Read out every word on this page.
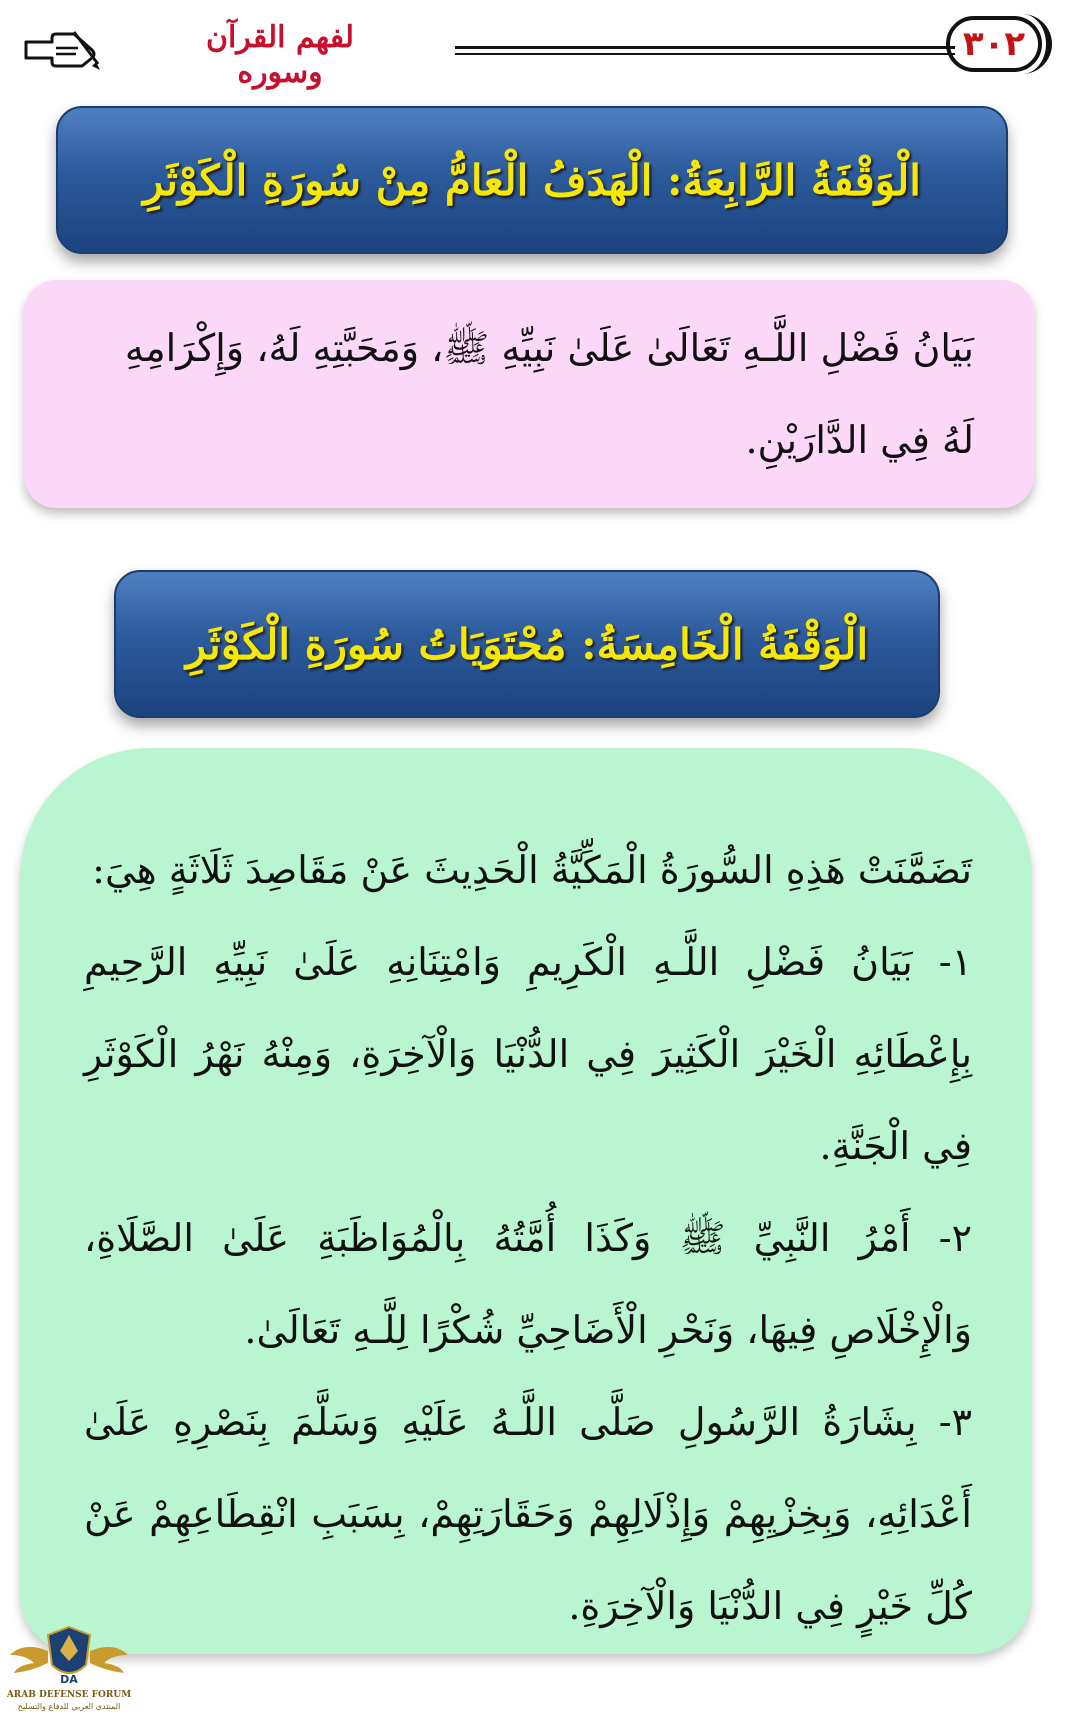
٣٠٢
لفهم القرآن وسوره
الْوَقْفَةُ الرَّابِعَةُ: الْهَدَفُ الْعَامُّ مِنْ سُورَةِ الْكَوْثَرِ
بَيَانُ فَضْلِ اللَّـهِ تَعَالَىٰ عَلَىٰ نَبِيِّهِ ﷺ، وَمَحَبَّتِهِ لَهُ، وَإِكْرَامِهِ لَهُ فِي الدَّارَيْنِ.
الْوَقْفَةُ الْخَامِسَةُ: مُحْتَوَيَاتُ سُورَةِ الْكَوْثَرِ

تَضَمَّنَتْ هَذِهِ السُّورَةُ الْمَكِّيَّةُ الْحَدِيثَ عَنْ مَقَاصِدَ ثَلَاثَةٍ هِيَ:

١- بَيَانُ فَضْلِ اللَّـهِ الْكَرِيمِ وَامْتِنَانِهِ عَلَىٰ نَبِيِّهِ الرَّحِيمِ بِإِعْطَائِهِ الْخَيْرَ الْكَثِيرَ فِي الدُّنْيَا وَالْآخِرَةِ، وَمِنْهُ نَهْرُ الْكَوْثَرِ فِي الْجَنَّةِ.

٢- أَمْرُ النَّبِيِّ ﷺ وَكَذَا أُمَّتُهُ بِالْمُوَاظَبَةِ عَلَىٰ الصَّلَاةِ، وَالْإِخْلَاصِ فِيهَا، وَنَحْرِ الْأَضَاحِيِّ شُكْرًا لِلَّـهِ تَعَالَىٰ.

٣- بِشَارَةُ الرَّسُولِ صَلَّى اللَّـهُ عَلَيْهِ وَسَلَّمَ بِنَصْرِهِ عَلَىٰ أَعْدَائِهِ، وَبِخِزْيِهِمْ وَإِذْلَالِهِمْ وَحَقَارَتِهِمْ، بِسَبَبِ انْقِطَاعِهِمْ عَنْ كُلِّ خَيْرٍ فِي الدُّنْيَا وَالْآخِرَةِ.

DA
ARAB DEFENSE FORUM
المنتدى العربي للدفاع والتسليح
